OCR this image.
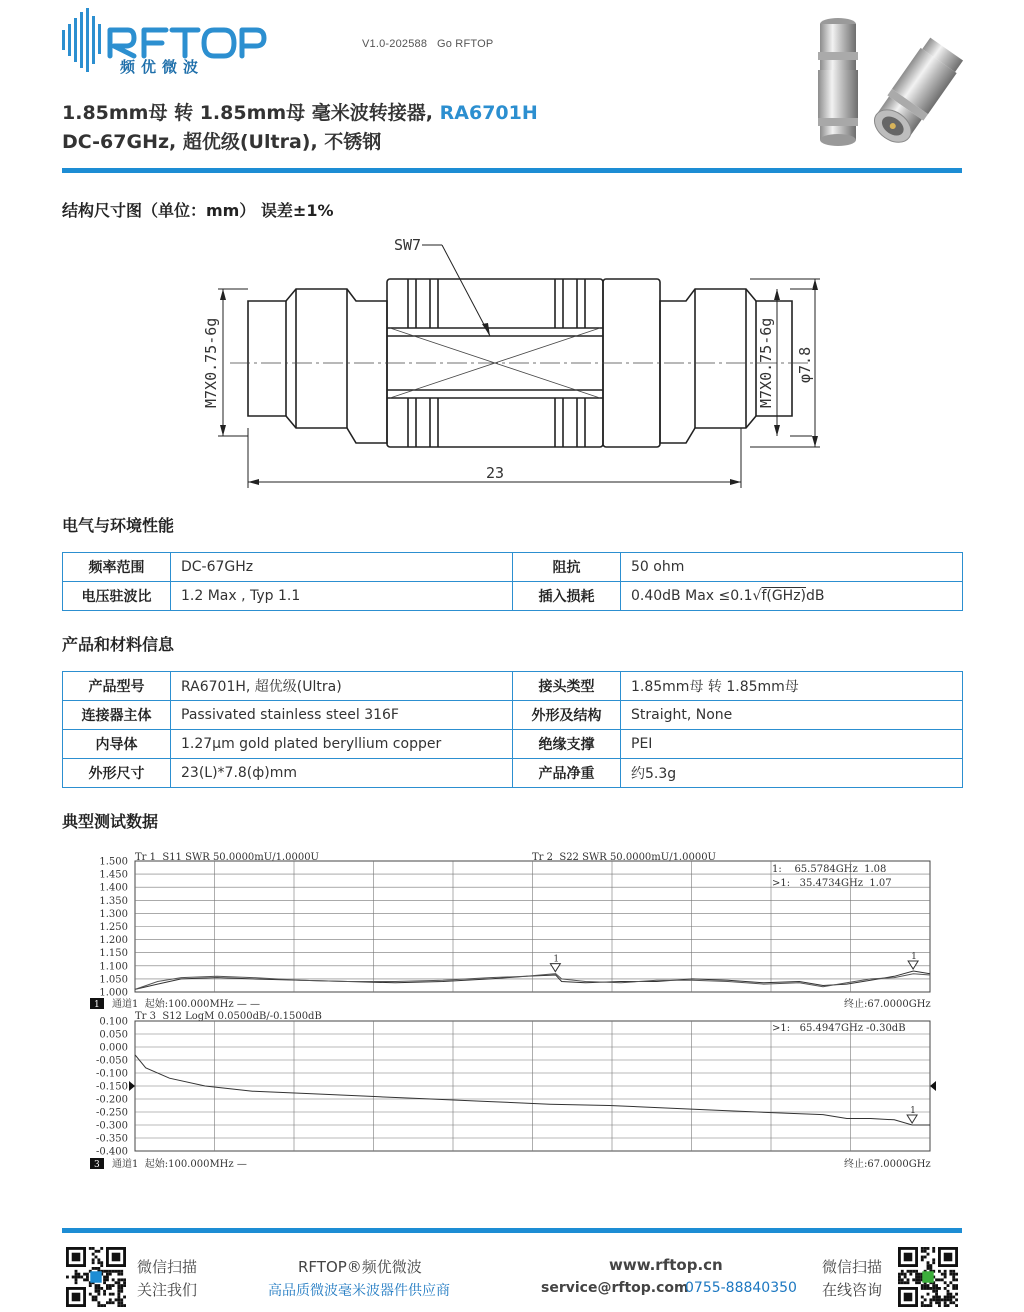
频优微波
V1.0-202588   Go RFTOP
1.85mm母 转 1.85mm母 毫米波转接器, RA6701H
DC-67GHz, 超优级(Ultra), 不锈钢
结构尺寸图（单位：mm） 误差±1%
SW7
M7X0.75-6g	M7X0.75-6g φ7.8
23
电气与环境性能
频率范围	DC-67GHz	阻抗	50 ohm
电压驻波比	1.2 Max , Typ 1.1	插入损耗	0.40dB Max ≤0.1√f(GHz)dB
产品和材料信息
产品型号	RA6701H, 超优级(Ultra)	接头类型	1.85mm母 转 1.85mm母
连接器主体	Passivated stainless steel 316F	外形及结构	Straight, None
内导体	1.27μm gold plated beryllium copper	绝缘支撑	PEI
外形尺寸	23(L)*7.8(ф)mm	产品净重	约5.3g
典型测试数据
Tr 1  S11 SWR 50.0000mU/1.0000U	Tr 2  S22 SWR 50.0000mU/1.0000U
1:    65.5784GHz  1.08
>1:   35.4734GHz  1.07
1 通道1  起始:100.000MHz — —	终止:67.0000GHz
1.500
1.450
1.400
1.350
1.300
1.250
1.200
1.150
1.100
1.050
1.000
1	1
Tr 3  S12 LogM 0.0500dB/-0.1500dB
>1:   65.4947GHz -0.30dB
3 通道1  起始:100.000MHz —	终止:67.0000GHz
0.100
0.050
0.000
-0.050
-0.100
-0.150
-0.200
-0.250
-0.300
-0.350
-0.400
1
微信扫描
关注我们
RFTOP®频优微波
高品质微波毫米波器件供应商
www.rftop.cn
service@rftop.com
0755-88840350
微信扫描
在线咨询
